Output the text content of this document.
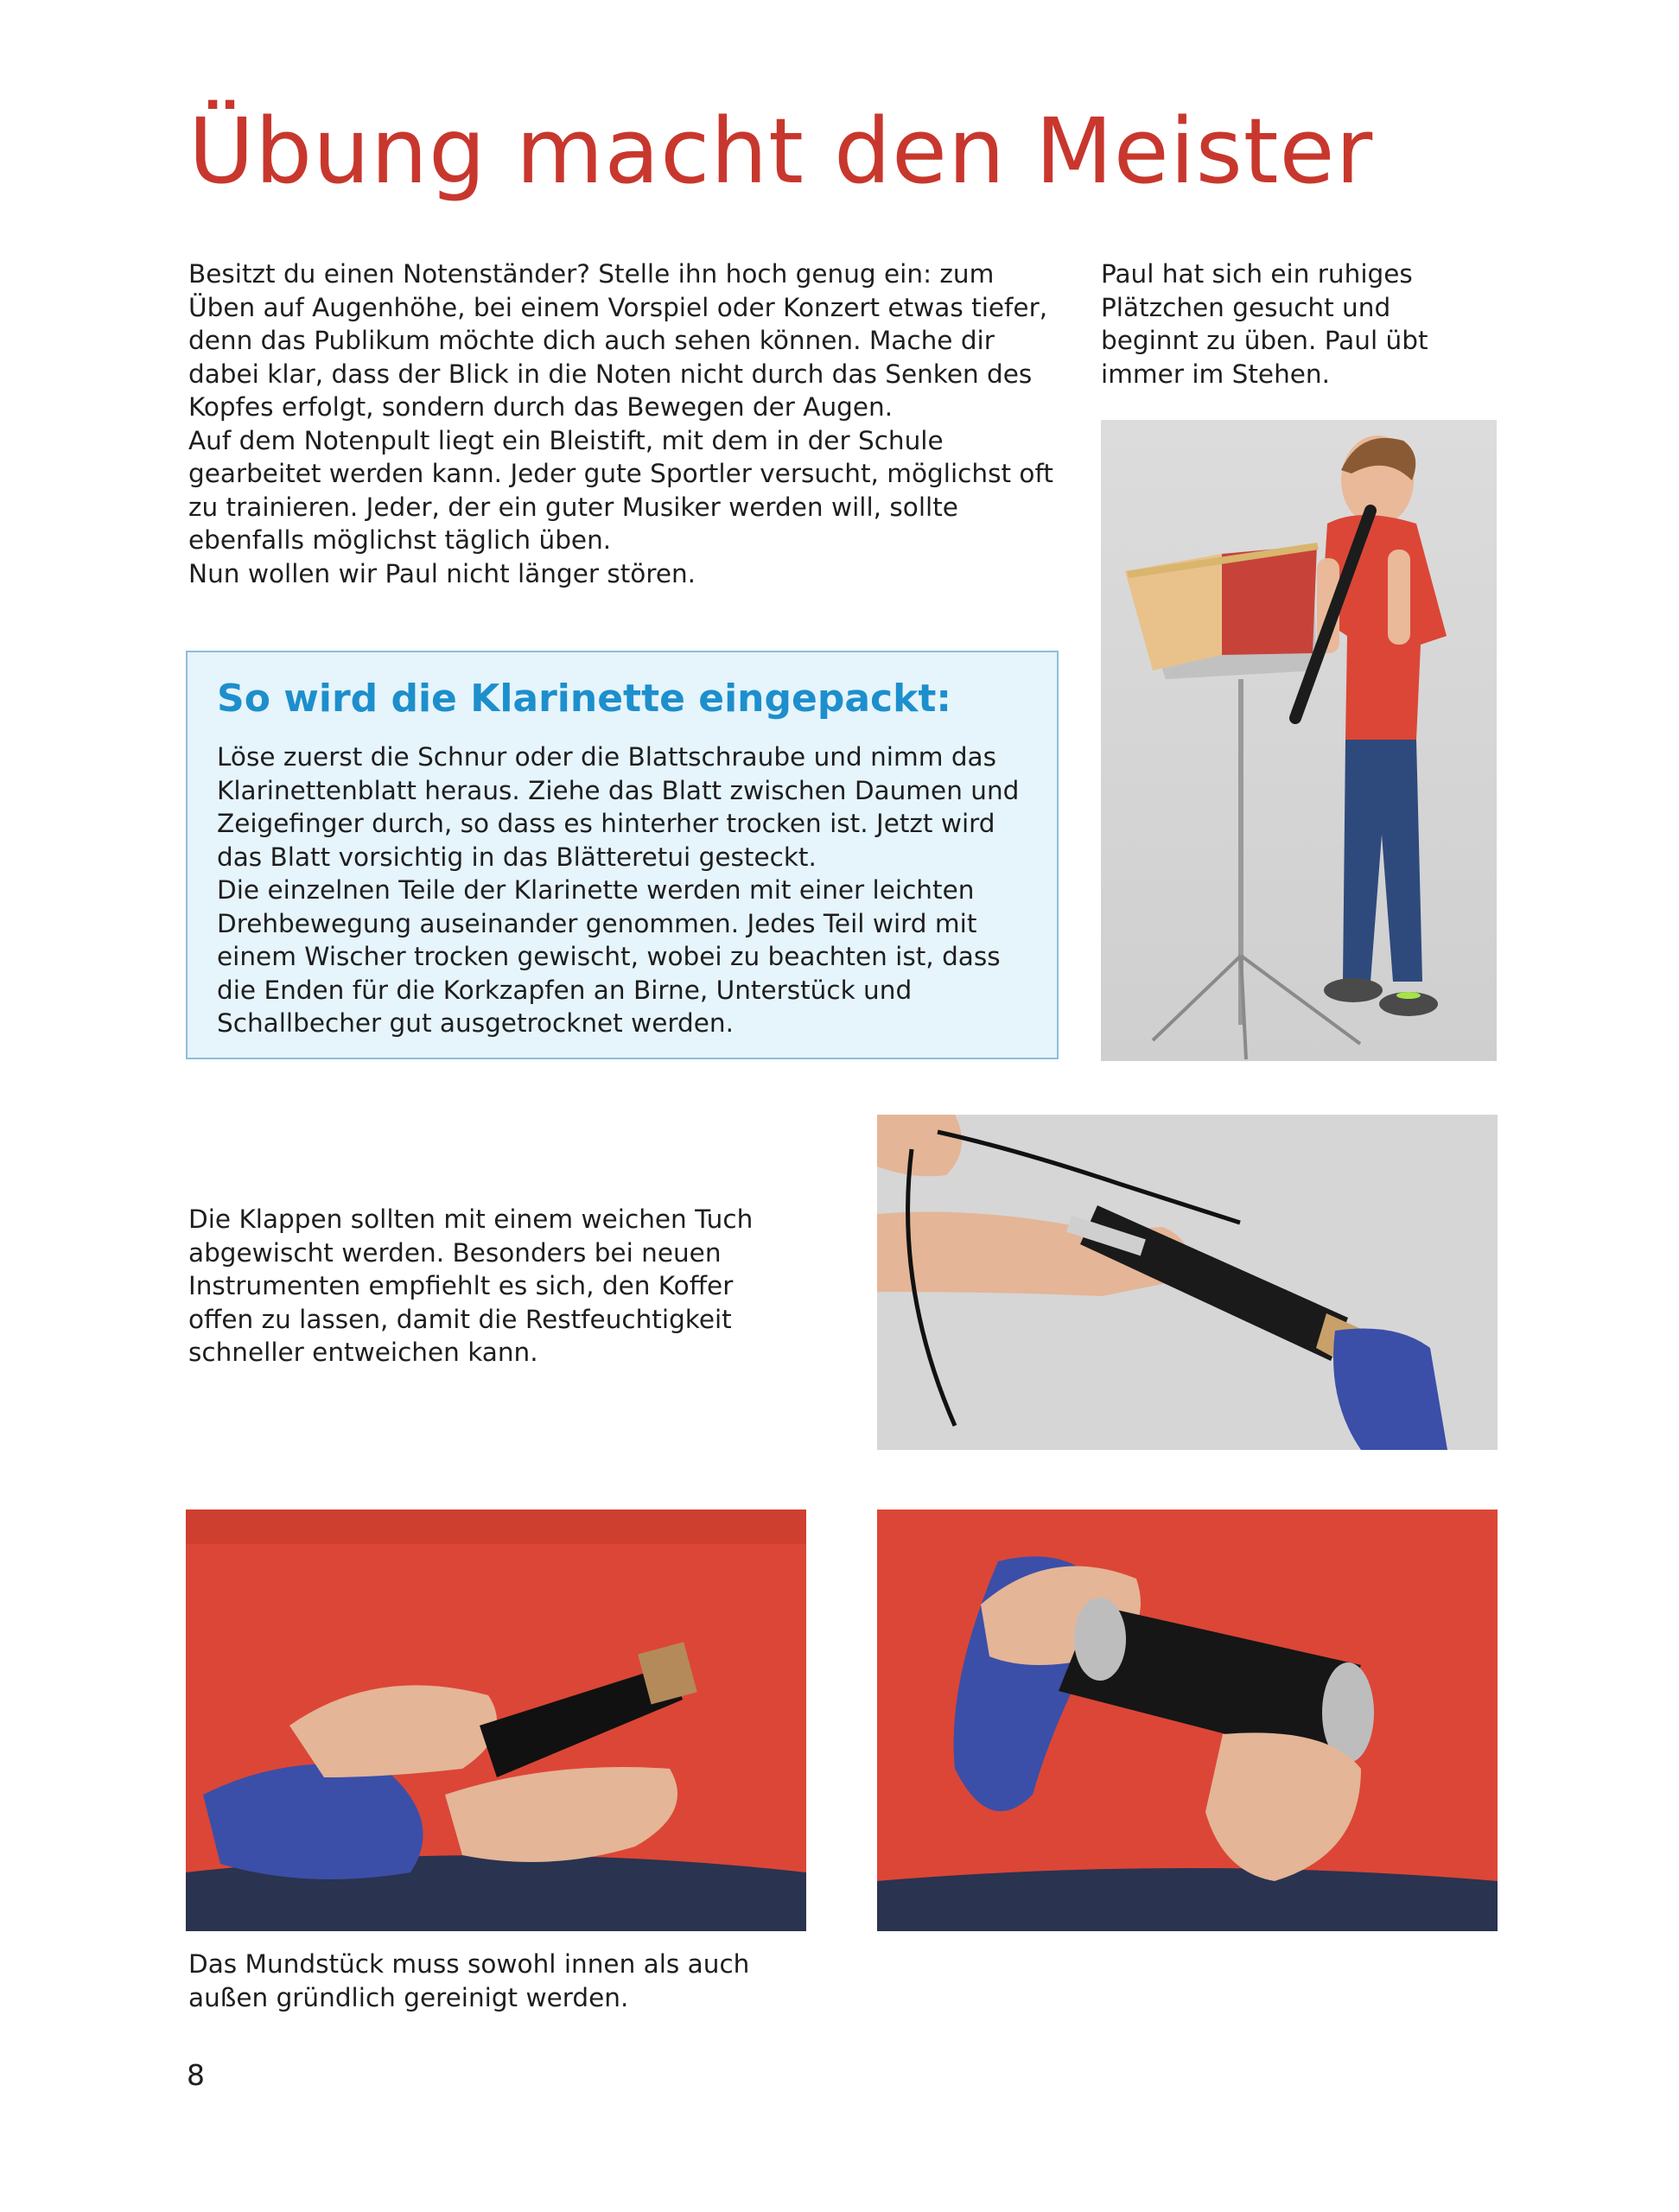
Übung macht den Meister

Besitzt du einen Notenständer? Stelle ihn hoch genug ein: zum
Üben auf Augenhöhe, bei einem Vorspiel oder Konzert etwas tiefer,
denn das Publikum möchte dich auch sehen können. Mache dir
dabei klar, dass der Blick in die Noten nicht durch das Senken des
Kopfes erfolgt, sondern durch das Bewegen der Augen.
Auf dem Notenpult liegt ein Bleistift, mit dem in der Schule
gearbeitet werden kann. Jeder gute Sportler versucht, möglichst oft
zu trainieren. Jeder, der ein guter Musiker werden will, sollte
ebenfalls möglichst täglich üben.
Nun wollen wir Paul nicht länger stören.

Paul hat sich ein ruhiges
Plätzchen gesucht und
beginnt zu üben. Paul übt
immer im Stehen.

So wird die Klarinette eingepackt:

Löse zuerst die Schnur oder die Blattschraube und nimm das
Klarinettenblatt heraus. Ziehe das Blatt zwischen Daumen und
Zeigefinger durch, so dass es hinterher trocken ist. Jetzt wird
das Blatt vorsichtig in das Blätteretui gesteckt.
Die einzelnen Teile der Klarinette werden mit einer leichten
Drehbewegung auseinander genommen. Jedes Teil wird mit
einem Wischer trocken gewischt, wobei zu beachten ist, dass
die Enden für die Korkzapfen an Birne, Unterstück und
Schallbecher gut ausgetrocknet werden.

Die Klappen sollten mit einem weichen Tuch
abgewischt werden. Besonders bei neuen
Instrumenten empfiehlt es sich, den Koffer
offen zu lassen, damit die Restfeuchtigkeit
schneller entweichen kann.

Das Mundstück muss sowohl innen als auch
außen gründlich gereinigt werden.

8
